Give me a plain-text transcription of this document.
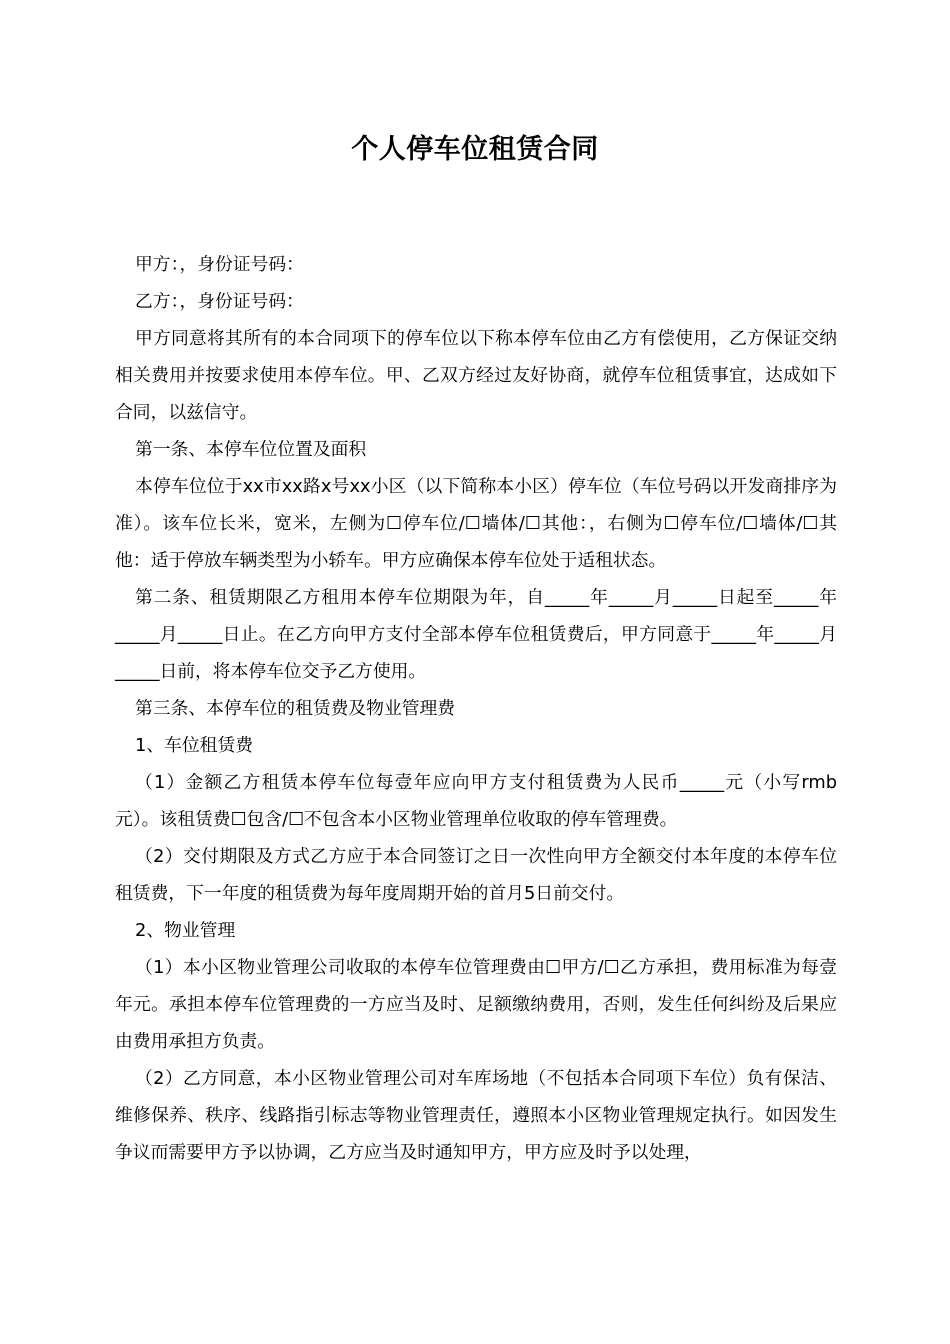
个人停车位租赁合同

甲方：，身份证号码：

乙方：，身份证号码：

甲方同意将其所有的本合同项下的停车位以下称本停车位由乙方有偿使用，乙方保证交纳相关费用并按要求使用本停车位。甲、乙双方经过友好协商，就停车位租赁事宜，达成如下合同，以兹信守。

第一条、本停车位位置及面积

本停车位位于xx市xx路x号xx小区（以下简称本小区）停车位（车位号码以开发商排序为准）。该车位长米，宽米，左侧为☐停车位/☐墙体/☐其他：，右侧为☐停车位/☐墙体/☐其他：适于停放车辆类型为小轿车。甲方应确保本停车位处于适租状态。

第二条、租赁期限乙方租用本停车位期限为年，自_____年_____月_____日起至_____年_____月_____日止。在乙方向甲方支付全部本停车位租赁费后，甲方同意于_____年_____月_____日前，将本停车位交予乙方使用。

第三条、本停车位的租赁费及物业管理费

1、车位租赁费

（1）金额乙方租赁本停车位每壹年应向甲方支付租赁费为人民币_____元（小写rmb元）。该租赁费☐包含/☐不包含本小区物业管理单位收取的停车管理费。

（2）交付期限及方式乙方应于本合同签订之日一次性向甲方全额交付本年度的本停车位租赁费，下一年度的租赁费为每年度周期开始的首月5日前交付。

2、物业管理

（1）本小区物业管理公司收取的本停车位管理费由☐甲方/☐乙方承担，费用标准为每壹年元。承担本停车位管理费的一方应当及时、足额缴纳费用，否则，发生任何纠纷及后果应由费用承担方负责。

（2）乙方同意，本小区物业管理公司对车库场地（不包括本合同项下车位）负有保洁、维修保养、秩序、线路指引标志等物业管理责任，遵照本小区物业管理规定执行。如因发生争议而需要甲方予以协调，乙方应当及时通知甲方，甲方应及时予以处理，
